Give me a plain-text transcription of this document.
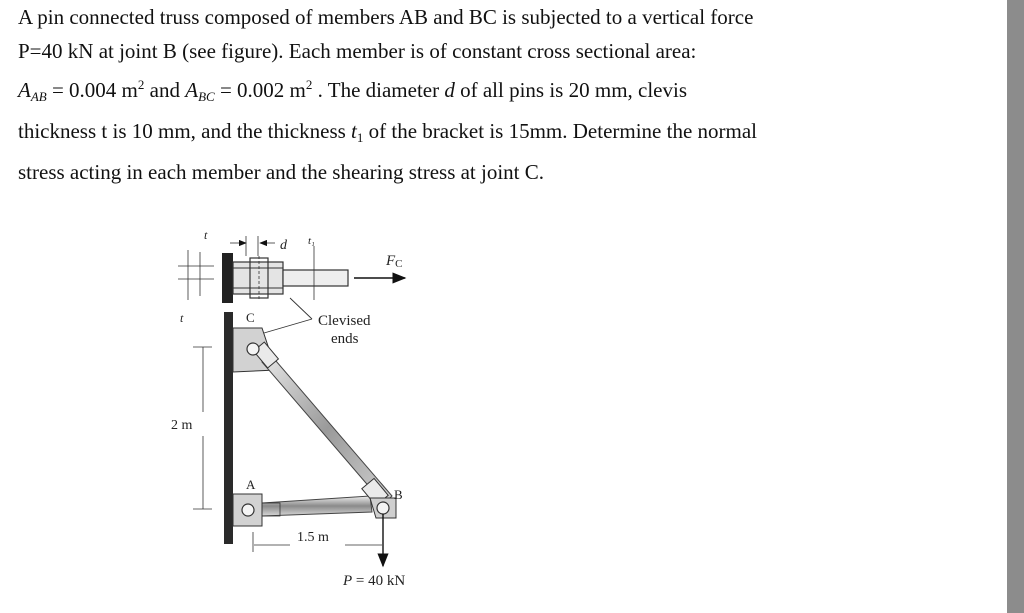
A pin connected truss composed of members AB and BC is subjected to a vertical force
P=40 kN at joint B (see figure). Each member is of constant cross sectional area:
$A_{AB} = 0.004$ $m^2$ and $A_{BC} = 0.002$ $m^2$ . The diameter d of all pins is 20 mm, clevis
thickness t is 10 mm, and the thickness $t_1$ of the bracket is 15mm. Determine the normal
stress acting in each member and the shearing stress at joint C.
t
d t₁
FC
t	C	Clevised
ends
2 m
A
B
1.5 m
P = 40 kN
